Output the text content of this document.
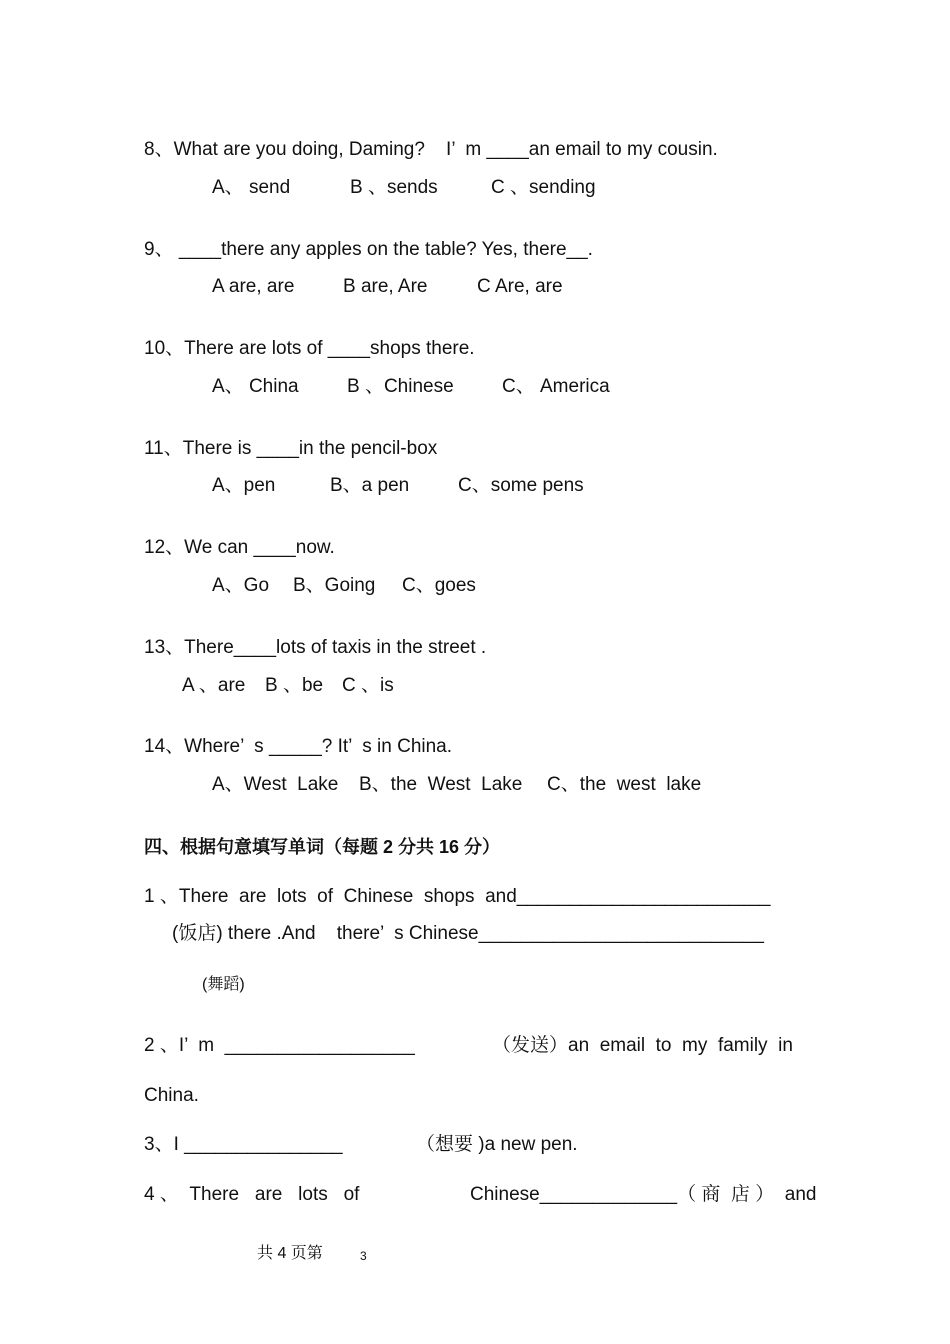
8、What are you doing, Daming?    I’  m ____an email to my cousin.
A、 send	B 、sends	C 、sending
9、 ____there any apples on the table? Yes, there__.
A are, are	B are, Are	C Are, are
10、There are lots of ____shops there.
A、 China	B 、Chinese	C、 America
11、There is ____in the pencil-box
A、pen	B、a pen	C、some pens
12、We can ____now.
A、Go B、Going C、goes
13、There____lots of taxis in the street .
A 、are B 、be C 、is
14、Where’  s _____? It’  s in China.
A、West  Lake B、the  West  Lake C、the  west  lake
四、根据句意填写单词（每题 2 分共 16 分）
1 、There  are  lots  of  Chinese  shops  and________________________
(饭店) there .And    there’  s Chinese___________________________
(舞蹈)
2 、I’  m  __________________	（发送）an  email  to  my  family  in
China.
3、I _______________	（想要 )a new pen.
4 、  There   are   lots   of	Chinese_____________（ 商  店 ）  and
共 4 页第	3
